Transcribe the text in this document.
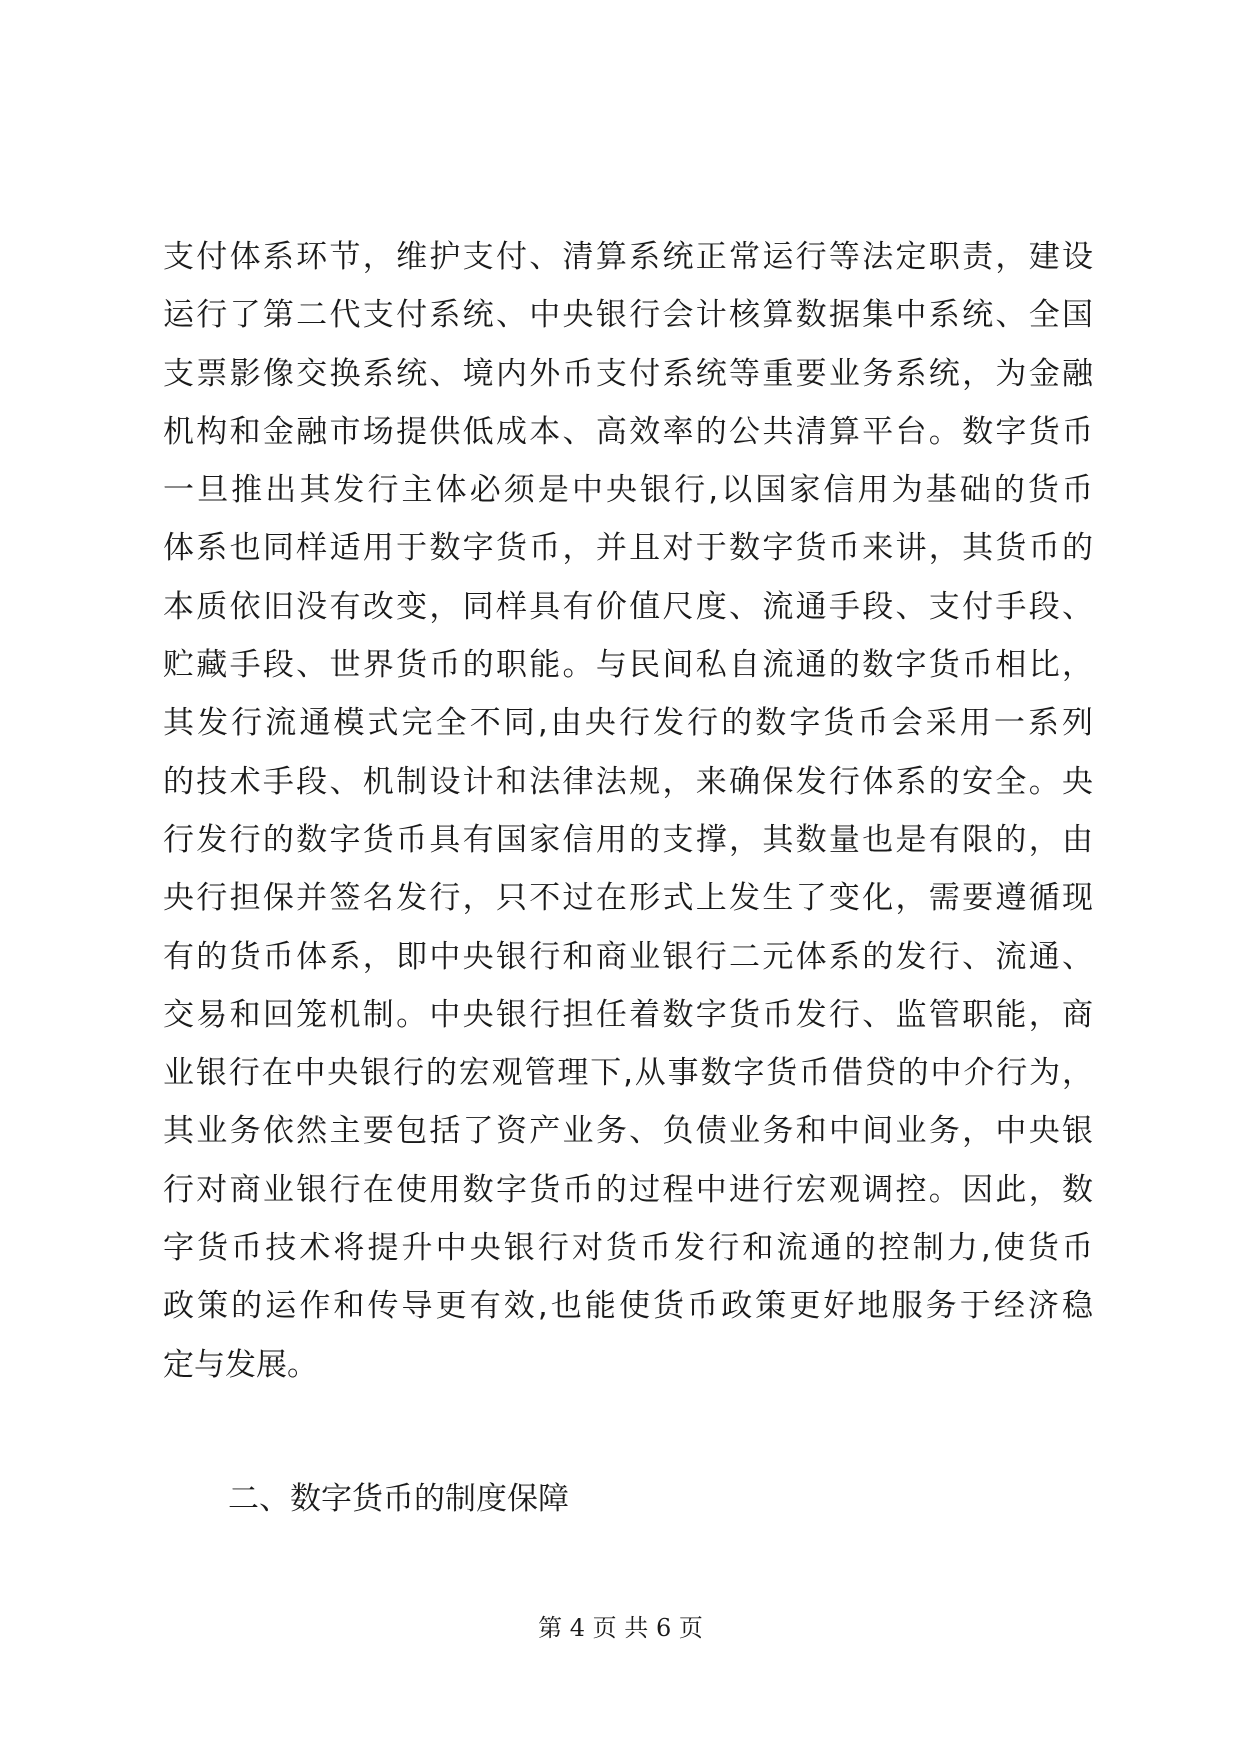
支付体系环节，维护支付、清算系统正常运行等法定职责，建设
运行了第二代支付系统、中央银行会计核算数据集中系统、全国
支票影像交换系统、境内外币支付系统等重要业务系统，为金融
机构和金融市场提供低成本、高效率的公共清算平台。数字货币
一旦推出其发行主体必须是中央银行,以国家信用为基础的货币
体系也同样适用于数字货币，并且对于数字货币来讲，其货币的
本质依旧没有改变，同样具有价值尺度、流通手段、支付手段、
贮藏手段、世界货币的职能。与民间私自流通的数字货币相比，
其发行流通模式完全不同,由央行发行的数字货币会采用一系列
的技术手段、机制设计和法律法规，来确保发行体系的安全。央
行发行的数字货币具有国家信用的支撑，其数量也是有限的，由
央行担保并签名发行，只不过在形式上发生了变化，需要遵循现
有的货币体系，即中央银行和商业银行二元体系的发行、流通、
交易和回笼机制。中央银行担任着数字货币发行、监管职能，商
业银行在中央银行的宏观管理下,从事数字货币借贷的中介行为，
其业务依然主要包括了资产业务、负债业务和中间业务，中央银
行对商业银行在使用数字货币的过程中进行宏观调控。因此，数
字货币技术将提升中央银行对货币发行和流通的控制力,使货币
政策的运作和传导更有效,也能使货币政策更好地服务于经济稳
定与发展。
二、数字货币的制度保障
第 4 页 共 6 页
